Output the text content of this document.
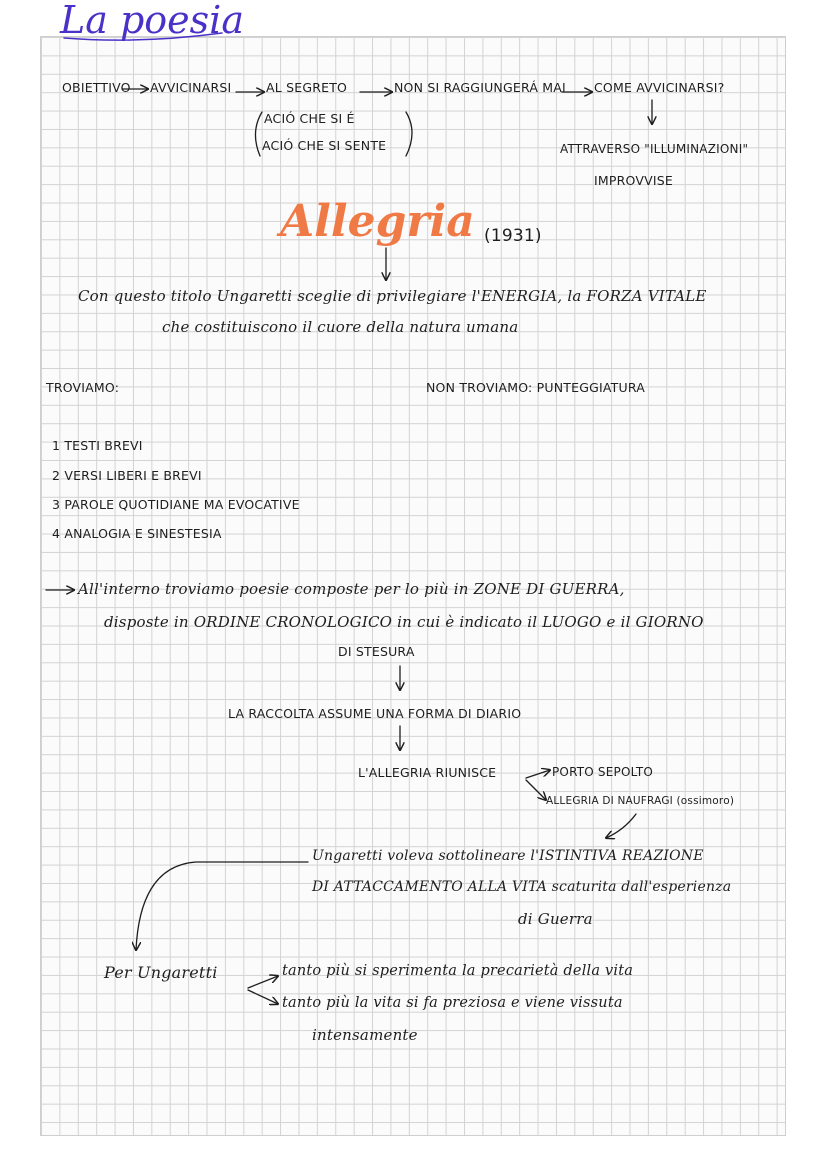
La poesia
OBIETTIVO AVVICINARSI	AL SEGRETO	NON SI RAGGIUNGERÁ MAI COME AVVICINARSI?
ACIÓ CHE SI É
ACIÓ CHE SI SENTE	ATTRAVERSO "ILLUMINAZIONI"
IMPROVVISE
Allegria (1931)
Con questo titolo Ungaretti sceglie di privilegiare l'ENERGIA, la FORZA VITALE
che costituiscono il cuore della natura umana
TROVIAMO:	NON TROVIAMO: PUNTEGGIATURA
1 TESTI BREVI
2 VERSI LIBERI E BREVI
3 PAROLE QUOTIDIANE MA EVOCATIVE
4 ANALOGIA E SINESTESIA
All'interno troviamo poesie composte per lo più in ZONE DI GUERRA,
disposte in ORDINE CRONOLOGICO in cui è indicato il LUOGO e il GIORNO
DI STESURA
LA RACCOLTA ASSUME UNA FORMA DI DIARIO
L'ALLEGRIA RIUNISCE	PORTO SEPOLTO
ALLEGRIA DI NAUFRAGI (ossimoro)
Ungaretti voleva sottolineare l'ISTINTIVA REAZIONE
DI ATTACCAMENTO ALLA VITA scaturita dall'esperienza
di Guerra
Per Ungaretti	tanto più si sperimenta la precarietà della vita
tanto più la vita si fa preziosa e viene vissuta
intensamente
